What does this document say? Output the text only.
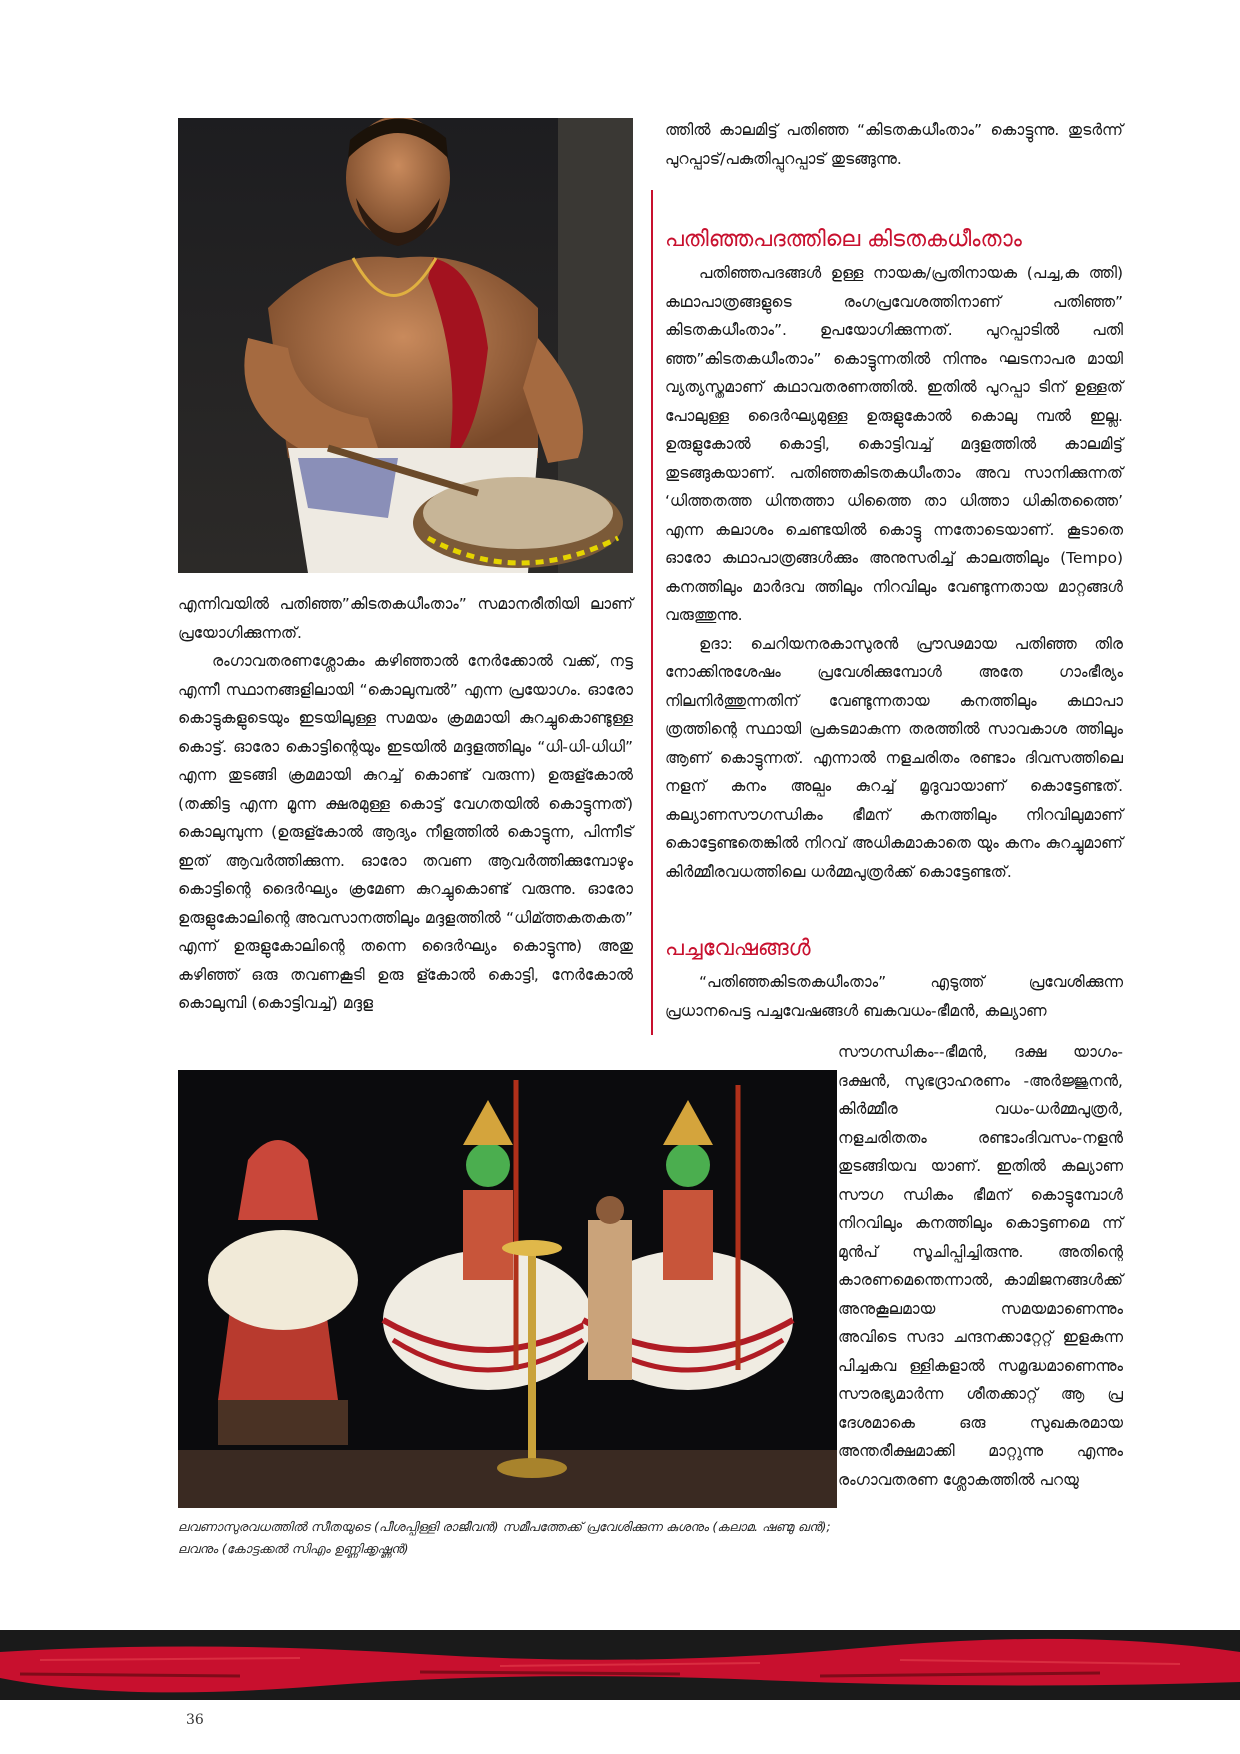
എന്നിവയിൽ പതിഞ്ഞ”കിടതകധീംതാം” സമാനരീതിയി ലാണ് പ്രയോഗിക്കുന്നത്.

രംഗാവതരണശ്ലോകം കഴിഞ്ഞാൽ നേർക്കോൽ വക്ക്, നട്ട എന്നീ സ്ഥാനങ്ങളിലായി “കൊലുമ്പൽ” എന്ന പ്രയോഗം. ഓരോ കൊട്ടുകളുടെയും ഇടയിലുള്ള സമയം ക്രമമായി കുറച്ചുകൊണ്ടുള്ള കൊട്ട്. ഓരോ കൊട്ടിന്റെയും ഇടയിൽ മദ്ദളത്തിലും “ധി-ധി-ധിധി” എന്ന തുടങ്ങി ക്രമമായി കുറച്ച് കൊണ്ട് വരുന്ന) ഉരുള്കോൽ (തക്കിട്ട എന്ന മൂന്ന ക്ഷരമുള്ള കൊട്ട് വേഗതയിൽ കൊട്ടുന്നത്) കൊലുമ്പുന്ന (ഉരുള്കോൽ ആദ്യം നീളത്തിൽ കൊട്ടുന്ന, പിന്നീട് ഇത് ആവർത്തിക്കുന്ന. ഓരോ തവണ ആവർത്തിക്കുമ്പോഴും കൊട്ടിന്റെ ദൈർഘ്യം ക്രമേണ കുറച്ചുകൊണ്ട് വരുന്നു. ഓരോ ഉരുളുകോലിന്റെ അവസാനത്തിലും മദ്ദളത്തിൽ “ധിമ്ത്തകതകത” എന്ന് ഉരുളുകോലിന്റെ തന്നെ ദൈർഘ്യം കൊട്ടുന്നു) അതു കഴിഞ്ഞ് ഒരു തവണകൂടി ഉരു ള്കോൽ കൊട്ടി, നേർകോൽ കൊലുമ്പി (കൊട്ടിവച്ച്) മദ്ദള

ത്തിൽ കാലമിട്ട് പതിഞ്ഞ “കിടതകധീംതാം” കൊട്ടുന്നു. തുടർന്ന് പുറപ്പാട്/പകുതിപ്പുറപ്പാട് തുടങ്ങുന്നു.

പതിഞ്ഞപദത്തിലെ കിടതകധീംതാം

പതിഞ്ഞപദങ്ങൾ ഉള്ള നായക/പ്രതിനായക (പച്ച,ക ത്തി) കഥാപാത്രങ്ങളുടെ രംഗപ്രവേശത്തിനാണ് പതിഞ്ഞ” കിടതകധീംതാം”. ഉപയോഗിക്കുന്നത്. പുറപ്പാടിൽ പതി ഞ്ഞ”കിടതകധീംതാം” കൊട്ടുന്നതിൽ നിന്നും ഘടനാപര മായി വ്യത്യസ്തമാണ് കഥാവതരണത്തിൽ. ഇതിൽ പുറപ്പാ ടിന് ഉള്ളത് പോലുള്ള ദൈർഘ്യമുള്ള ഉരുളുകോൽ കൊലു മ്പൽ ഇല്ല. ഉരുളുകോൽ കൊട്ടി, കൊട്ടിവച്ച് മദ്ദളത്തിൽ കാലമിട്ട് തുടങ്ങുകയാണ്. പതിഞ്ഞകിടതകധീംതാം അവ സാനിക്കുന്നത് ‘ധിത്തതത്ത ധിന്തത്താ ധിത്തൈ താ ധിത്താ ധികിതത്തൈ’ എന്ന കലാശം ചെണ്ടയിൽ കൊട്ടു ന്നതോടെയാണ്. കൂടാതെ ഓരോ കഥാപാത്രങ്ങൾക്കും അനുസരിച്ച് കാലത്തിലും (Tempo) കനത്തിലും മാർദവ ത്തിലും നിറവിലും വേണ്ടുന്നതായ മാറ്റങ്ങൾ വരുത്തുന്നു.

ഉദാ: ചെറിയനരകാസുരൻ പ്രൗഢമായ പതിഞ്ഞ തിര നോക്കിനുശേഷം പ്രവേശിക്കുമ്പോൾ അതേ ഗാംഭീര്യം നിലനിർത്തുന്നതിന് വേണ്ടുന്നതായ കനത്തിലും കഥാപാ ത്രത്തിന്റെ സ്ഥായി പ്രകടമാകുന്ന തരത്തിൽ സാവകാശ ത്തിലും ആണ് കൊട്ടുന്നത്. എന്നാൽ നളചരിതം രണ്ടാം ദിവസത്തിലെ നളന് കനം അല്പം കുറച്ച് മൃദുവായാണ് കൊട്ടേണ്ടത്. കല്യാണസൗഗന്ധികം ഭീമന് കനത്തിലും നിറവിലുമാണ് കൊട്ടേണ്ടതെങ്കിൽ നിറവ് അധികമാകാതെ യും കനം കുറച്ചുമാണ് കിർമ്മീരവധത്തിലെ ധർമ്മപുത്രർക്ക് കൊട്ടേണ്ടത്.

പച്ചവേഷങ്ങൾ

“പതിഞ്ഞകിടതകധീംതാം” എടുത്ത് പ്രവേശിക്കുന്ന പ്രധാനപെട്ട പച്ചവേഷങ്ങൾ ബകവധം-ഭീമൻ, കല്യാണ

സൗഗന്ധികം--ഭീമൻ, ദക്ഷ യാഗം-ദക്ഷൻ, സുഭദ്രാഹരണം -അർജ്ജുനൻ, കിർമ്മീര വധം-ധർമ്മപുത്രർ, നളചരിതതം രണ്ടാംദിവസം-നളൻ തുടങ്ങിയവ യാണ്. ഇതിൽ കല്യാണ സൗഗ ന്ധികം ഭീമന് കൊട്ടുമ്പോൾ നിറവിലും കനത്തിലും കൊട്ടണമെ ന്ന് മുൻപ് സൂചിപ്പിച്ചിരുന്നു. അതിന്റെ കാരണമെന്തെന്നാൽ, കാമിജനങ്ങൾക്ക് അനുകൂലമായ സമയമാണെന്നും അവിടെ സദാ ചന്ദനക്കാറ്റേറ്റ് ഇളകുന്ന പിച്ചകവ ള്ളികളാൽ സമൃദ്ധമാണെന്നും സൗരഭ്യമാർന്ന ശീതക്കാറ്റ് ആ പ്ര ദേശമാകെ ഒരു സുഖകരമായ അന്തരീക്ഷമാക്കി മാറ്റുന്നു എന്നും രംഗാവതരണ ശ്ലോകത്തിൽ പറയു

ലവണാസുരവധത്തിൽ സീതയുടെ (പീശപ്പിള്ളി രാജീവൻ) സമീപത്തേക്ക് പ്രവേശിക്കുന്ന കുശനും (കലാമ. ഷണ്മു ഖൻ); ലവനും (കോട്ടക്കൽ സിഎം ഉണ്ണിക്കൃഷ്ണൻ)
36
